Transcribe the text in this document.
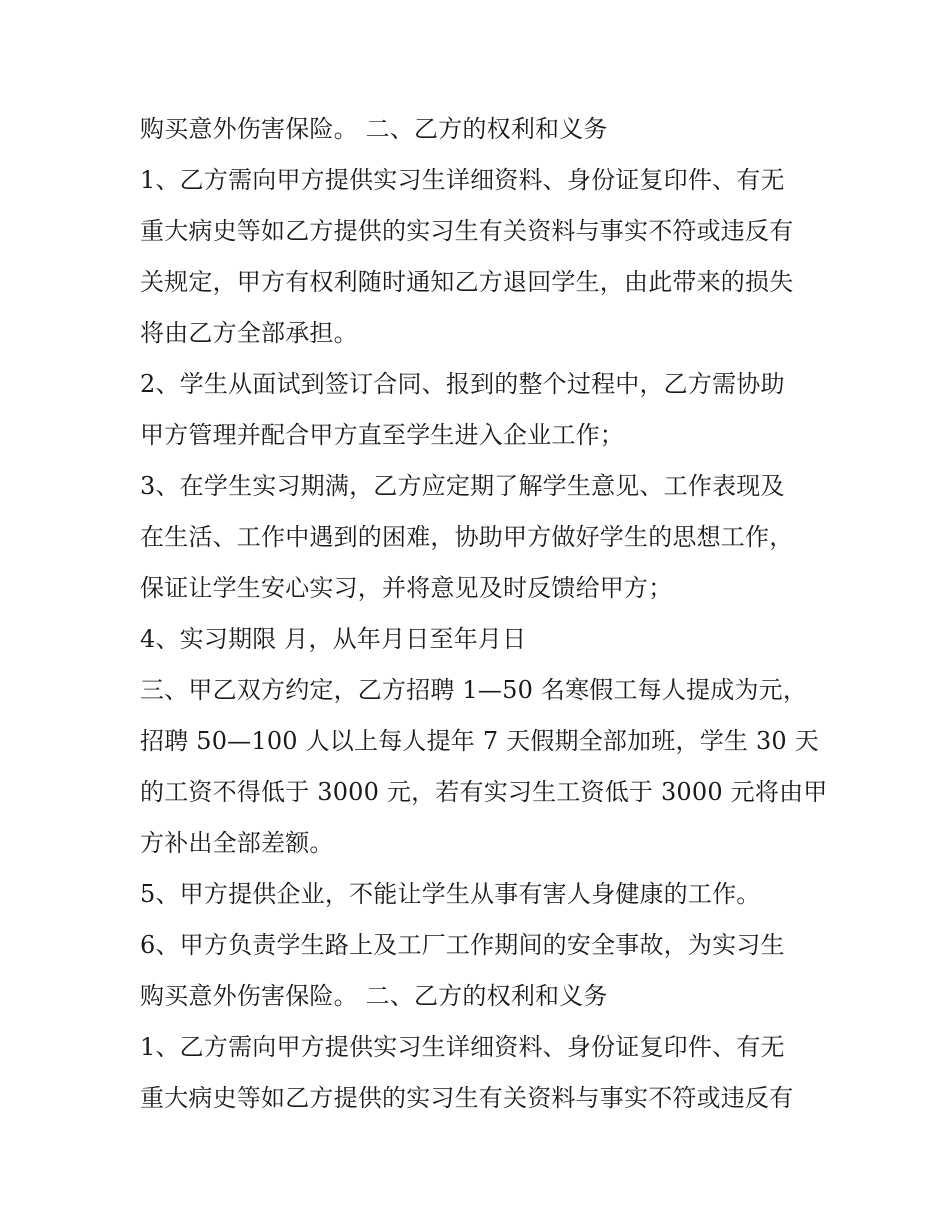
购买意外伤害保险。 二、乙方的权利和义务
1、乙方需向甲方提供实习生详细资料、身份证复印件、有无
重大病史等如乙方提供的实习生有关资料与事实不符或违反有
关规定，甲方有权利随时通知乙方退回学生，由此带来的损失
将由乙方全部承担。
2、学生从面试到签订合同、报到的整个过程中，乙方需协助
甲方管理并配合甲方直至学生进入企业工作；
3、在学生实习期满，乙方应定期了解学生意见、工作表现及
在生活、工作中遇到的困难，协助甲方做好学生的思想工作，
保证让学生安心实习，并将意见及时反馈给甲方；
4、实习期限 月，从年月日至年月日
三、甲乙双方约定，乙方招聘 1—50 名寒假工每人提成为元，
招聘 50—100 人以上每人提年 7 天假期全部加班，学生 30 天
的工资不得低于 3000 元，若有实习生工资低于 3000 元将由甲
方补出全部差额。
5、甲方提供企业，不能让学生从事有害人身健康的工作。
6、甲方负责学生路上及工厂工作期间的安全事故，为实习生
购买意外伤害保险。 二、乙方的权利和义务
1、乙方需向甲方提供实习生详细资料、身份证复印件、有无
重大病史等如乙方提供的实习生有关资料与事实不符或违反有
